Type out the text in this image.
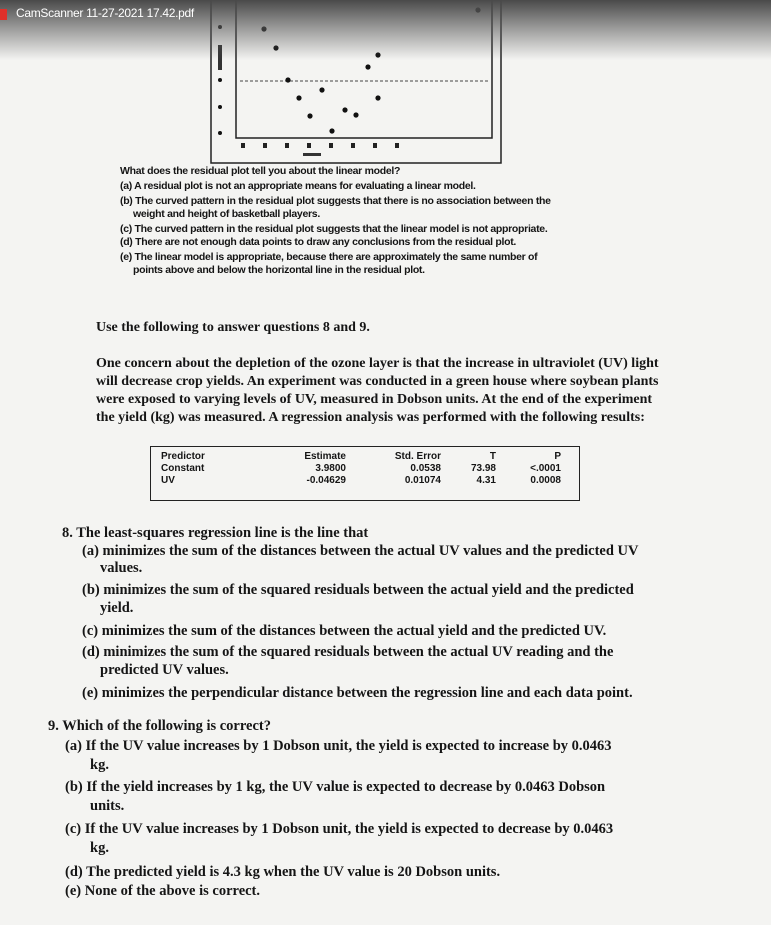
CamScanner 11-27-2021 17.42.pdf
What does the residual plot tell you about the linear model?
(a) A residual plot is not an appropriate means for evaluating a linear model.
(b) The curved pattern in the residual plot suggests that there is no association between the
weight and height of basketball players.
(c) The curved pattern in the residual plot suggests that the linear model is not appropriate.
(d) There are not enough data points to draw any conclusions from the residual plot.
(e) The linear model is appropriate, because there are approximately the same number of
points above and below the horizontal line in the residual plot.
Use the following to answer questions 8 and 9.
One concern about the depletion of the ozone layer is that the increase in ultraviolet (UV) light
will decrease crop yields. An experiment was conducted in a green house where soybean plants
were exposed to varying levels of UV, measured in Dobson units. At the end of the experiment
the yield (kg) was measured. A regression analysis was performed with the following results:
Predictor	Estimate	Std. Error	T	P
Constant	3.9800	0.0538	73.98	<.0001
UV	-0.04629	0.01074	4.31	0.0008
8. The least-squares regression line is the line that
(a) minimizes the sum of the distances between the actual UV values and the predicted UV
values.
(b) minimizes the sum of the squared residuals between the actual yield and the predicted
yield.
(c) minimizes the sum of the distances between the actual yield and the predicted UV.
(d) minimizes the sum of the squared residuals between the actual UV reading and the
predicted UV values.
(e) minimizes the perpendicular distance between the regression line and each data point.
9. Which of the following is correct?
(a) If the UV value increases by 1 Dobson unit, the yield is expected to increase by 0.0463
kg.
(b) If the yield increases by 1 kg, the UV value is expected to decrease by 0.0463 Dobson
units.
(c) If the UV value increases by 1 Dobson unit, the yield is expected to decrease by 0.0463
kg.
(d) The predicted yield is 4.3 kg when the UV value is 20 Dobson units.
(e) None of the above is correct.
